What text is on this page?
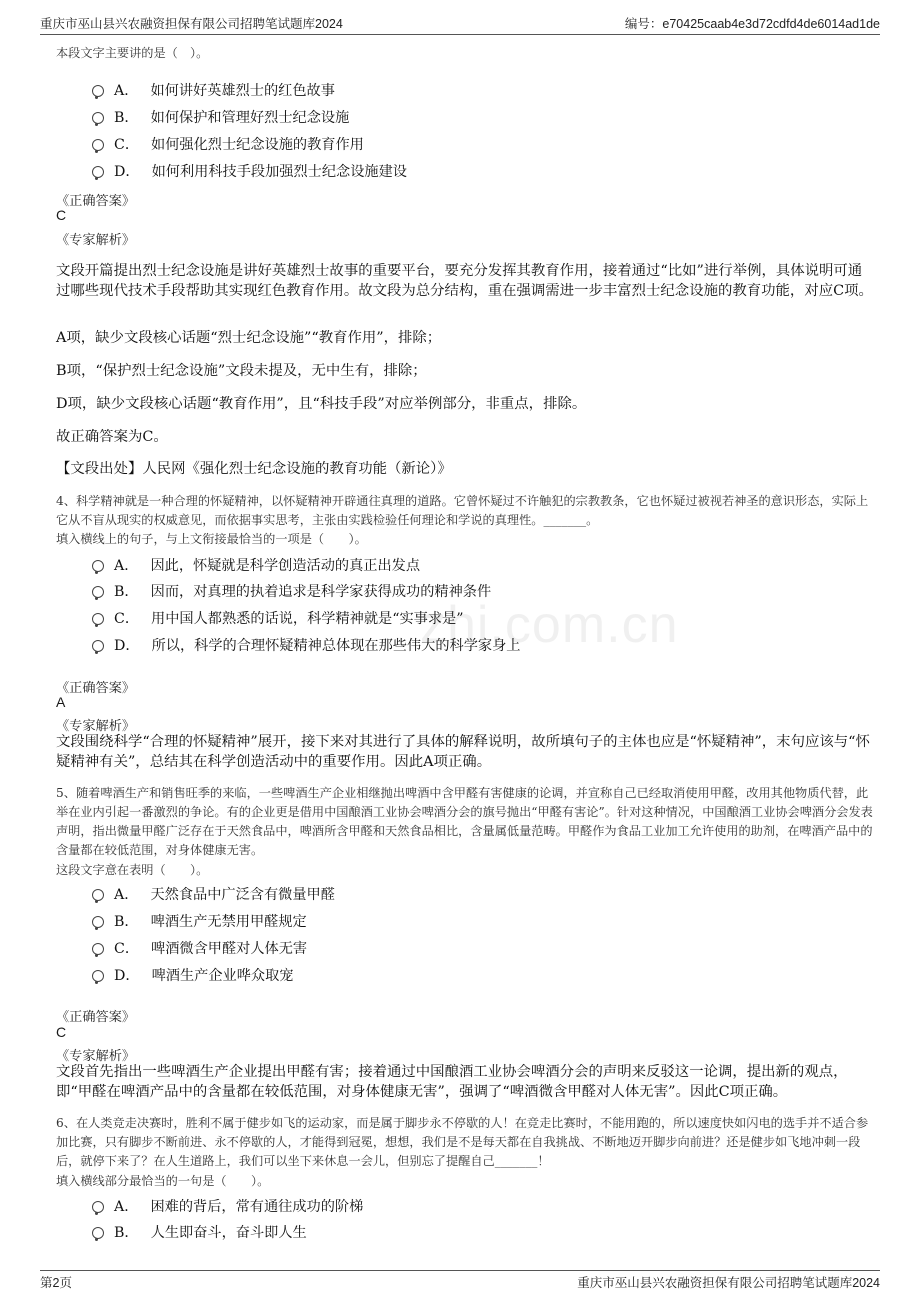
重庆市巫山县兴农融资担保有限公司招聘笔试题库2024	编号：e70425caab4e3d72cdfd4de6014ad1de
zhi.com.cn
本段文字主要讲的是（　）。
A． 如何讲好英雄烈士的红色故事
B． 如何保护和管理好烈士纪念设施
C． 如何强化烈士纪念设施的教育作用
D． 如何利用科技手段加强烈士纪念设施建设
《正确答案》
C
《专家解析》
文段开篇提出烈士纪念设施是讲好英雄烈士故事的重要平台，要充分发挥其教育作用，接着通过“比如”进行举例，具体说明可通过哪些现代技术手段帮助其实现红色教育作用。故文段为总分结构，重在强调需进一步丰富烈士纪念设施的教育功能，对应C项。
A项，缺少文段核心话题“烈士纪念设施”“教育作用”，排除；
B项，“保护烈士纪念设施”文段未提及，无中生有，排除；
D项，缺少文段核心话题“教育作用”，且“科技手段”对应举例部分，非重点，排除。
故正确答案为C。
【文段出处】人民网《强化烈士纪念设施的教育功能（新论）》
4、科学精神就是一种合理的怀疑精神，以怀疑精神开辟通往真理的道路。它曾怀疑过不许触犯的宗教教条，它也怀疑过被视若神圣的意识形态，实际上它从不盲从现实的权威意见，而依据事实思考，主张由实践检验任何理论和学说的真理性。_______。
填入横线上的句子，与上文衔接最恰当的一项是（　　）。
A． 因此，怀疑就是科学创造活动的真正出发点
B． 因而，对真理的执着追求是科学家获得成功的精神条件
C． 用中国人都熟悉的话说，科学精神就是“实事求是”
D． 所以，科学的合理怀疑精神总体现在那些伟大的科学家身上
《正确答案》
A
《专家解析》
文段围绕科学“合理的怀疑精神”展开，接下来对其进行了具体的解释说明，故所填句子的主体也应是“怀疑精神”，末句应该与“怀疑精神有关”，总结其在科学创造活动中的重要作用。因此A项正确。
5、随着啤酒生产和销售旺季的来临，一些啤酒生产企业相继抛出啤酒中含甲醛有害健康的论调，并宣称自己已经取消使用甲醛，改用其他物质代替，此举在业内引起一番激烈的争论。有的企业更是借用中国酿酒工业协会啤酒分会的旗号抛出“甲醛有害论”。针对这种情况，中国酿酒工业协会啤酒分会发表声明，指出微量甲醛广泛存在于天然食品中，啤酒所含甲醛和天然食品相比，含量属低量范畴。甲醛作为食品工业加工允许使用的助剂，在啤酒产品中的含量都在较低范围，对身体健康无害。
这段文字意在表明（　　）。
A． 天然食品中广泛含有微量甲醛
B． 啤酒生产无禁用甲醛规定
C． 啤酒微含甲醛对人体无害
D． 啤酒生产企业哗众取宠
《正确答案》
C
《专家解析》
文段首先指出一些啤酒生产企业提出甲醛有害；接着通过中国酿酒工业协会啤酒分会的声明来反驳这一论调，提出新的观点，即“甲醛在啤酒产品中的含量都在较低范围，对身体健康无害”，强调了“啤酒微含甲醛对人体无害”。因此C项正确。
6、在人类竞走决赛时，胜利不属于健步如飞的运动家，而是属于脚步永不停歇的人！在竞走比赛时，不能用跑的，所以速度快如闪电的选手并不适合参加比赛，只有脚步不断前进、永不停歇的人，才能得到冠冕，想想，我们是不是每天都在自我挑战、不断地迈开脚步向前进？还是健步如飞地冲刺一段后，就停下来了？在人生道路上，我们可以坐下来休息一会儿，但别忘了提醒自己_______！
填入横线部分最恰当的一句是（　　）。
A． 困难的背后，常有通往成功的阶梯
B． 人生即奋斗，奋斗即人生
第2页	重庆市巫山县兴农融资担保有限公司招聘笔试题库2024
